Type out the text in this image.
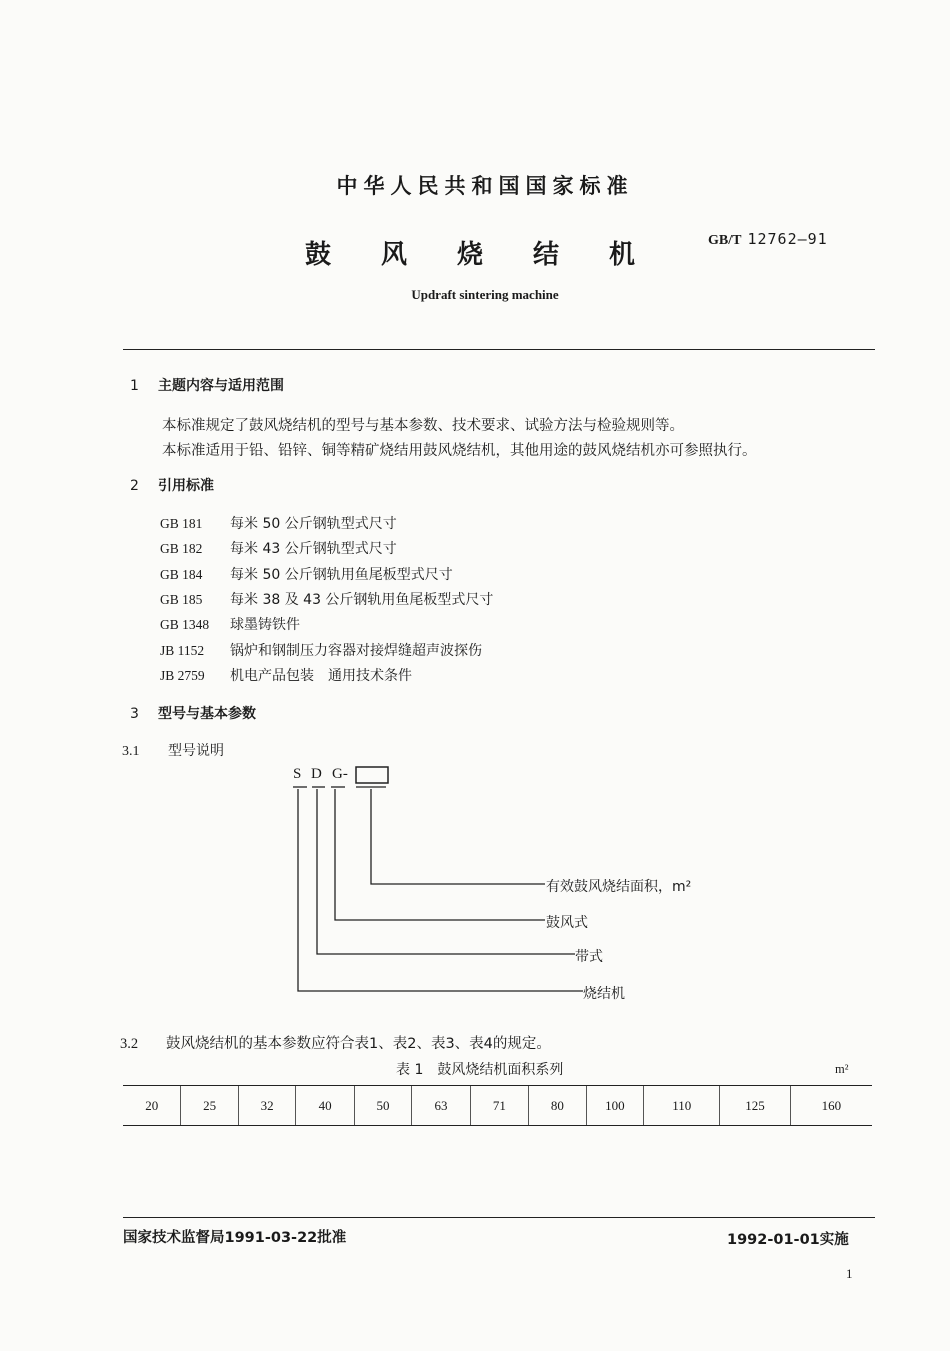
中华人民共和国国家标准
鼓 风 烧 结 机	GB/T 12762—91
Updraft sintering machine
1 主题内容与适用范围
本标准规定了鼓风烧结机的型号与基本参数、技术要求、试验方法与检验规则等。
本标准适用于铅、铅锌、铜等精矿烧结用鼓风烧结机，其他用途的鼓风烧结机亦可参照执行。
2 引用标准
GB 181 每米 50 公斤钢轨型式尺寸
GB 182 每米 43 公斤钢轨型式尺寸
GB 184 每米 50 公斤钢轨用鱼尾板型式尺寸
GB 185 每米 38 及 43 公斤钢轨用鱼尾板型式尺寸
GB 1348 球墨铸铁件
JB 1152 锅炉和钢制压力容器对接焊缝超声波探伤
JB 2759 机电产品包装　通用技术条件
3 型号与基本参数
3.1 型号说明
S D G-
有效鼓风烧结面积，m²
鼓风式
带式
烧结机
3.2 鼓风烧结机的基本参数应符合表1、表2、表3、表4的规定。
表 1　鼓风烧结机面积系列	m²
20	25	32	40	50	63	71	80	100	110	125	160
国家技术监督局1991-03-22批准	1992-01-01实施
1
